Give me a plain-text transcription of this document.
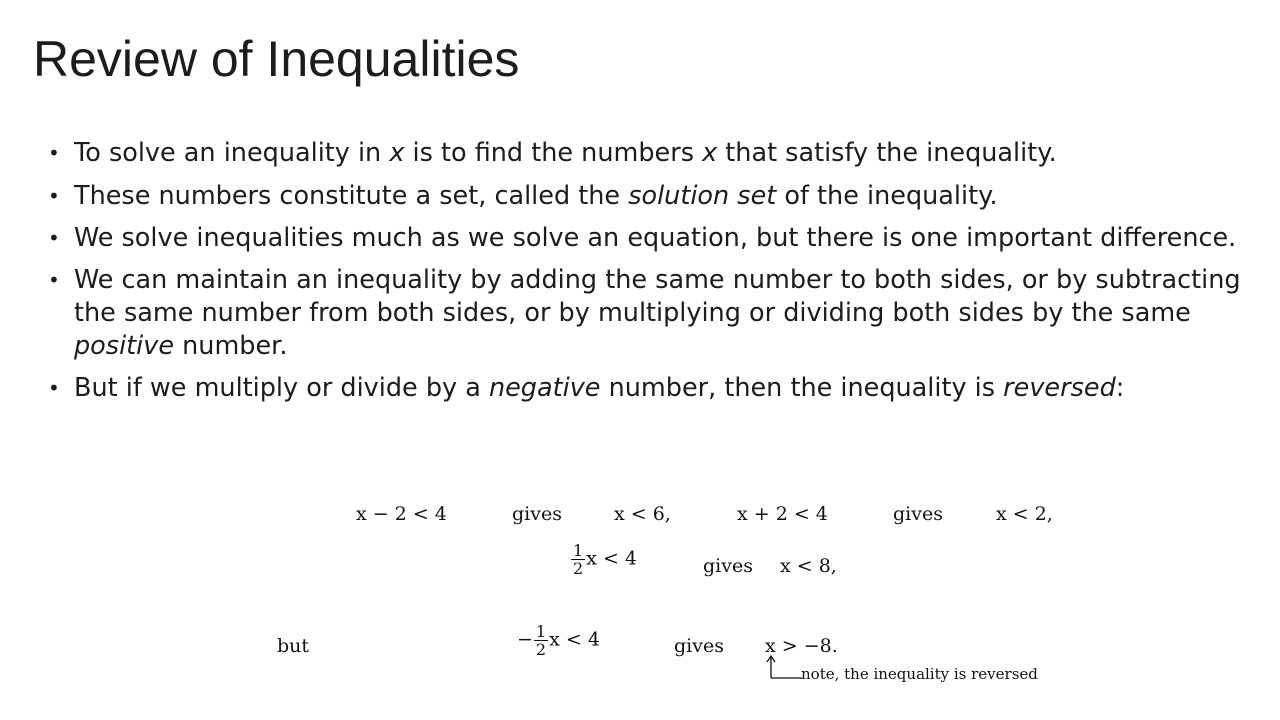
Review of Inequalities
• To solve an inequality in x is to find the numbers x that satisfy the inequality.
• These numbers constitute a set, called the solution set of the inequality.
• We solve inequalities much as we solve an equation, but there is one important difference.
• We can maintain an inequality by adding the same number to both sides, or by subtracting the same number from both sides, or by multiplying or dividing both sides by the same positive number.
• But if we multiply or divide by a negative number, then the inequality is reversed:
x − 2 < 4	gives	x < 6,	x + 2 < 4	gives	x < 2,
$\frac{1}{2}$ x < 4	gives x < 8,
but	− $\frac{1}{2}$ x < 4	gives x > −8.
note, the inequality is reversed
